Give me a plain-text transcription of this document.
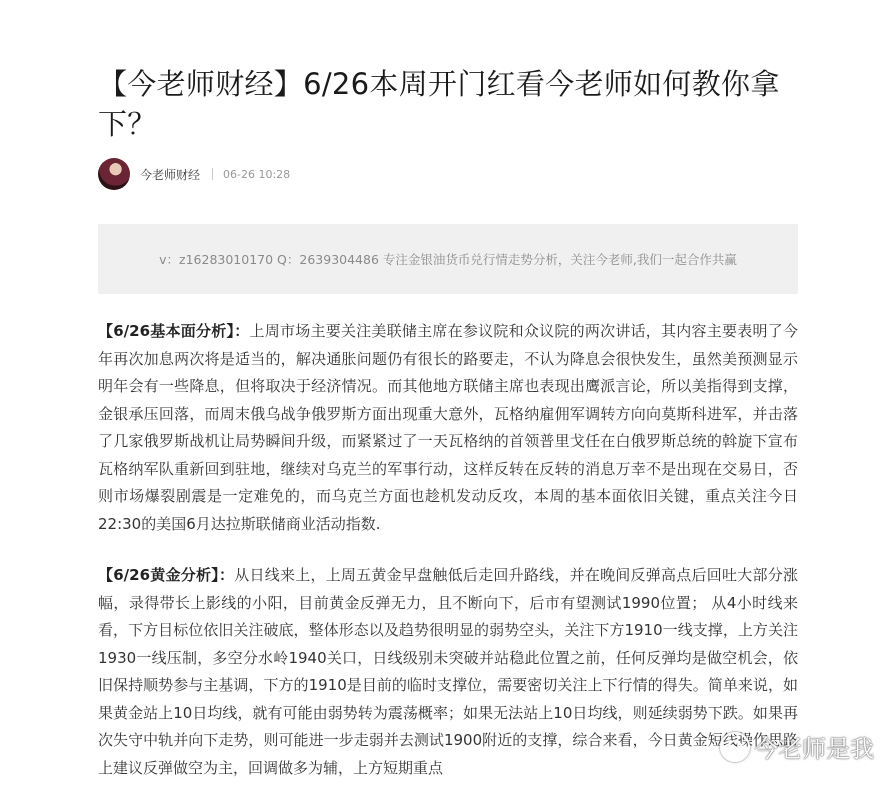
【今老师财经】6/26本周开门红看今老师如何教你拿下？
今老师财经 06-26 10:28
v：z16283010170 Q：2639304486 专注金银油货币兑行情走势分析，关注今老师,我们一起合作共赢

【6/26基本面分析】：上周市场主要关注美联储主席在参议院和众议院的两次讲话，其内容主要表明了今年再次加息两次将是适当的，解决通胀问题仍有很长的路要走，不认为降息会很快发生，虽然美预测显示明年会有一些降息，但将取决于经济情况。而其他地方联储主席也表现出鹰派言论，所以美指得到支撑，金银承压回落，而周末俄乌战争俄罗斯方面出现重大意外，瓦格纳雇佣军调转方向向莫斯科进军，并击落了几家俄罗斯战机让局势瞬间升级，而紧紧过了一天瓦格纳的首领普里戈任在白俄罗斯总统的斡旋下宣布瓦格纳军队重新回到驻地，继续对乌克兰的军事行动，这样反转在反转的消息万幸不是出现在交易日，否则市场爆裂剧震是一定难免的，而乌克兰方面也趁机发动反攻，本周的基本面依旧关键，重点关注今日22:30的美国6月达拉斯联储商业活动指数.

【6/26黄金分析】：从日线来上，上周五黄金早盘触低后走回升路线，并在晚间反弹高点后回吐大部分涨幅，录得带长上影线的小阳，目前黄金反弹无力，且不断向下，后市有望测试1990位置； 从4小时线来看，下方目标位依旧关注破底，整体形态以及趋势很明显的弱势空头，关注下方1910一线支撑，上方关注1930一线压制，多空分水岭1940关口，日线级别未突破并站稳此位置之前，任何反弹均是做空机会，依旧保持顺势参与主基调，下方的1910是目前的临时支撑位，需要密切关注上下行情的得失。简单来说，如果黄金站上10日均线，就有可能由弱势转为震荡概率；如果无法站上10日均线，则延续弱势下跌。如果再次失守中轨并向下走势，则可能进一步走弱并去测试1900附近的支撑，综合来看，今日黄金短线操作思路上建议反弹做空为主，回调做多为辅，上方短期重点

今老师是我
